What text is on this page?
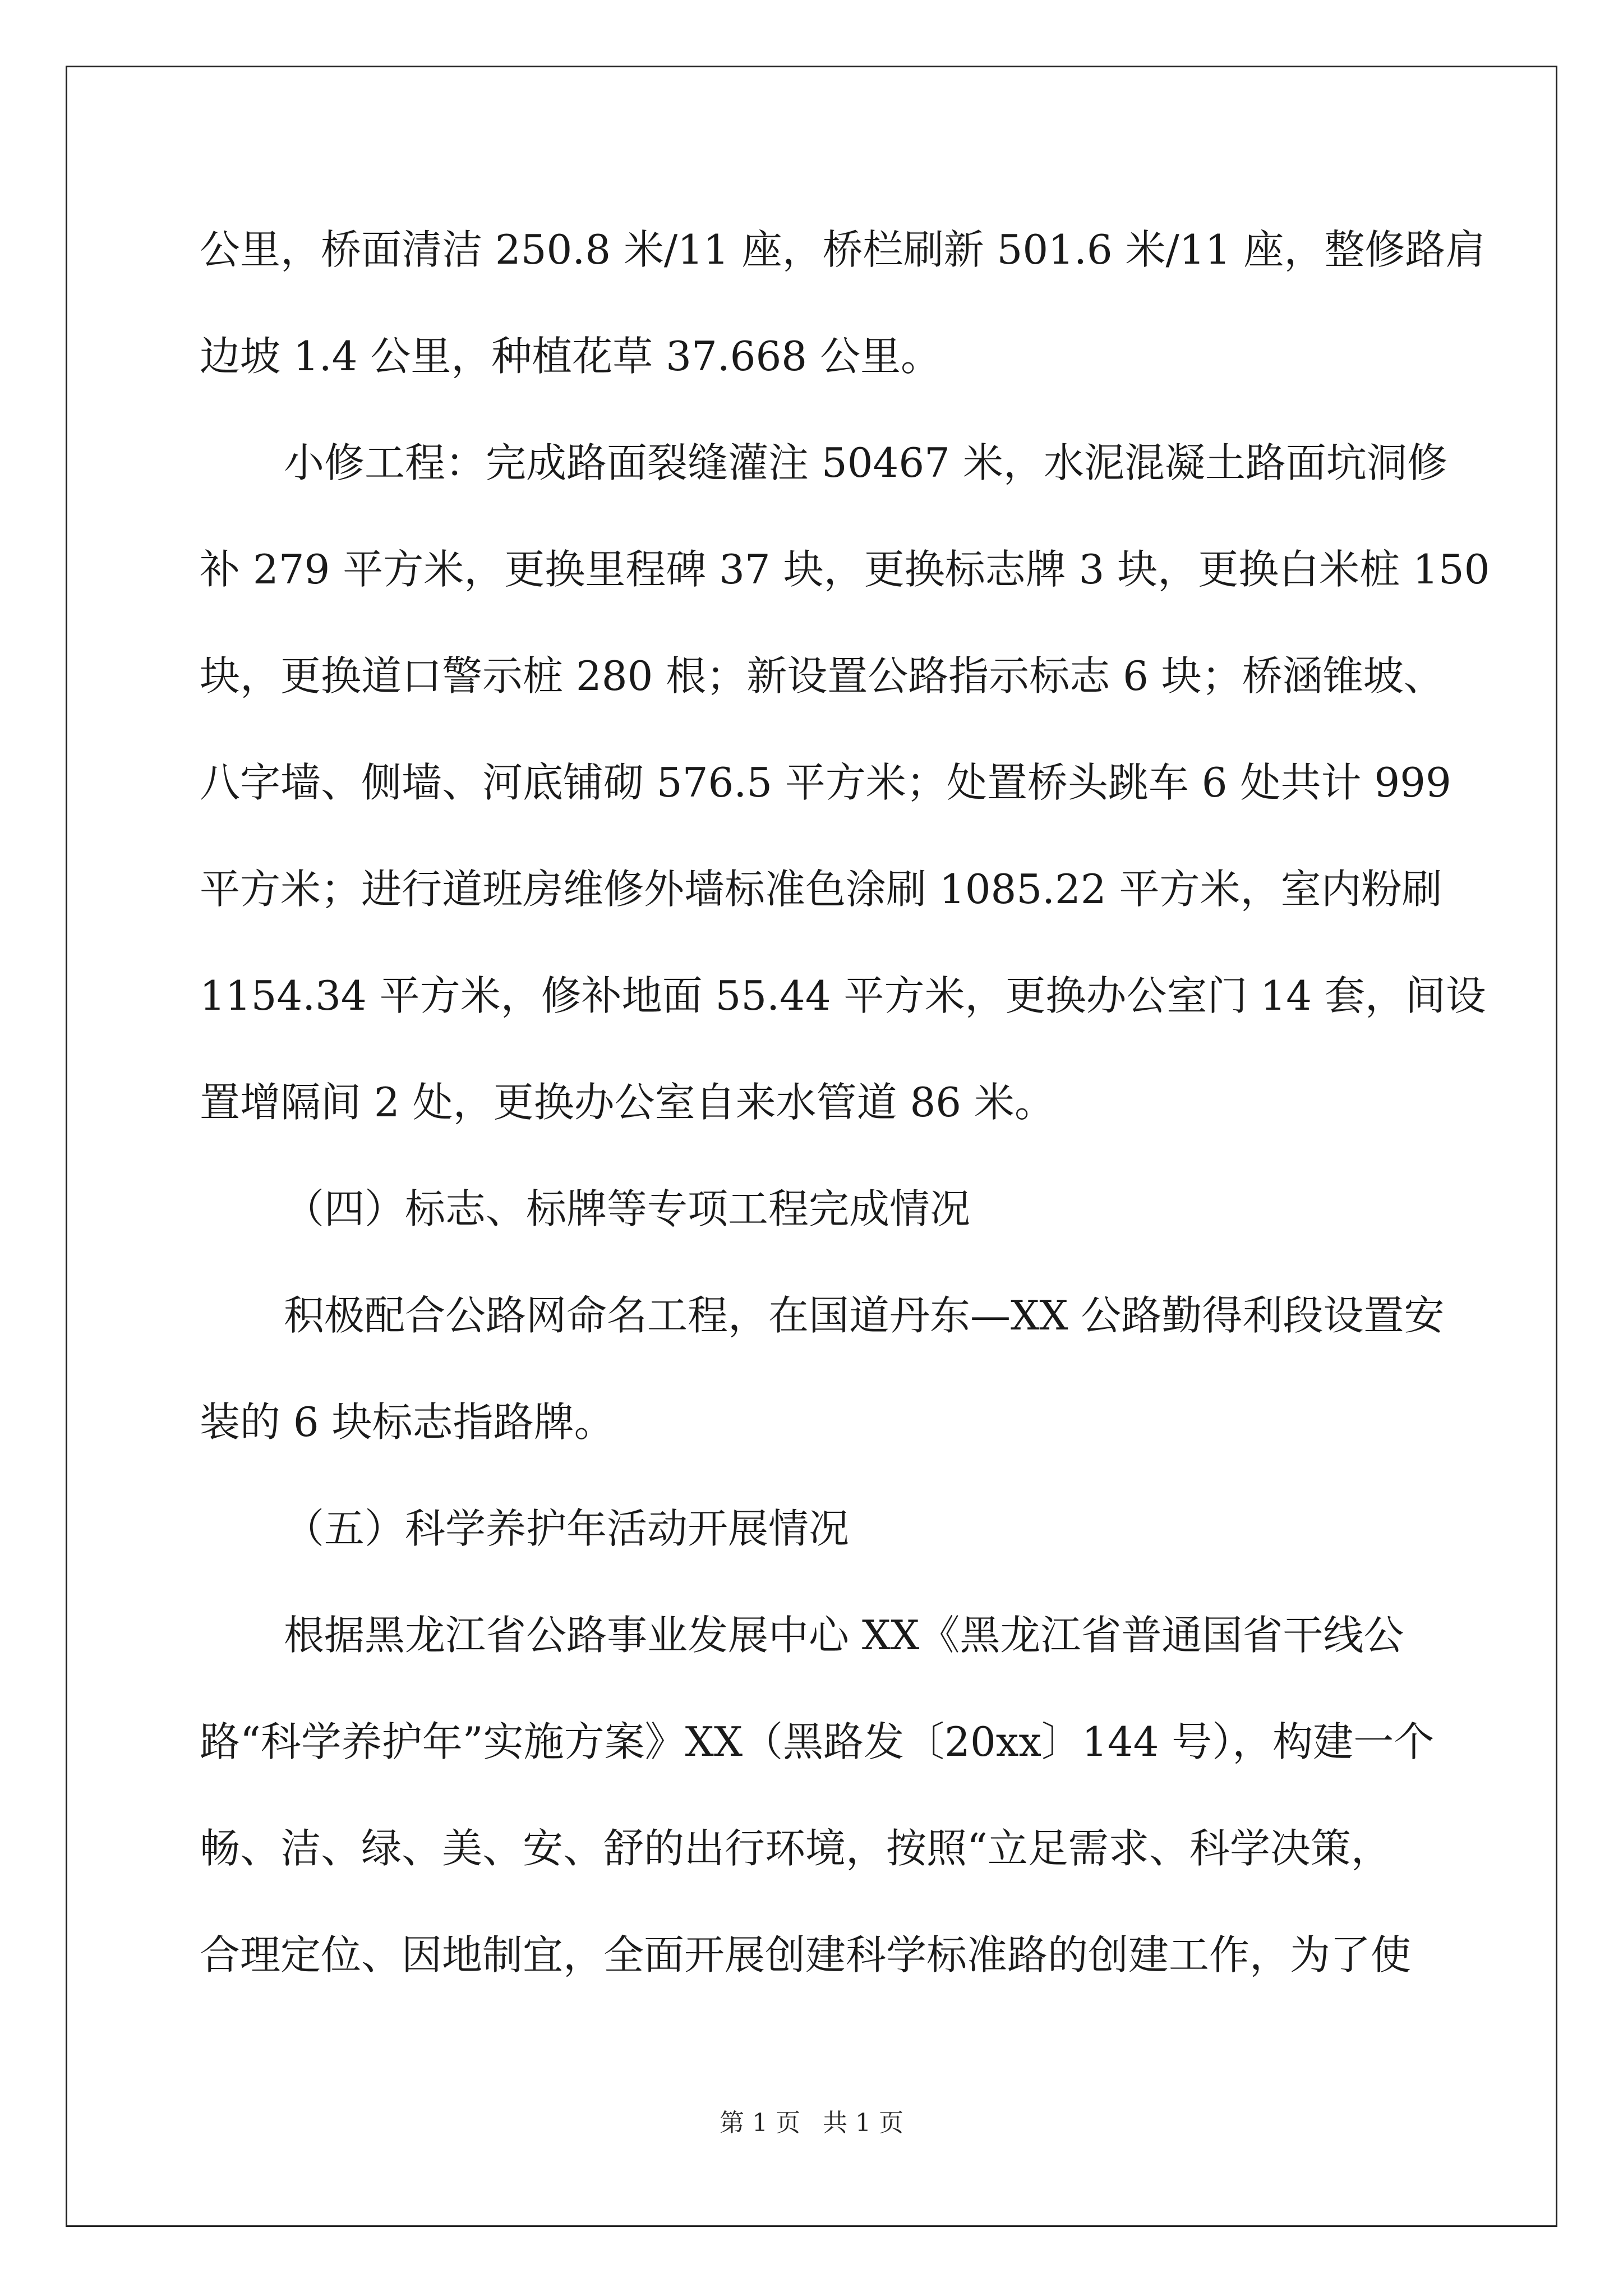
公里，桥面清洁 250.8 米/11 座，桥栏刷新 501.6 米/11 座，整修路肩
边坡 1.4 公里，种植花草 37.668 公里。
小修工程：完成路面裂缝灌注 50467 米，水泥混凝土路面坑洞修
补 279 平方米，更换里程碑 37 块，更换标志牌 3 块，更换白米桩 150
块，更换道口警示桩 280 根；新设置公路指示标志 6 块；桥涵锥坡、
八字墙、侧墙、河底铺砌 576.5 平方米；处置桥头跳车 6 处共计 999
平方米；进行道班房维修外墙标准色涂刷 1085.22 平方米，室内粉刷
1154.34 平方米，修补地面 55.44 平方米，更换办公室门 14 套，间设
置增隔间 2 处，更换办公室自来水管道 86 米。
（四）标志、标牌等专项工程完成情况
积极配合公路网命名工程，在国道丹东—XX 公路勤得利段设置安
装的 6 块标志指路牌。
（五）科学养护年活动开展情况
根据黑龙江省公路事业发展中心 XX《黑龙江省普通国省干线公
路“科学养护年”实施方案》XX（黑路发〔20xx〕144 号），构建一个
畅、洁、绿、美、安、舒的出行环境，按照“立足需求、科学决策，
合理定位、因地制宜，全面开展创建科学标准路的创建工作，为了使
第 1 页 共 1 页
